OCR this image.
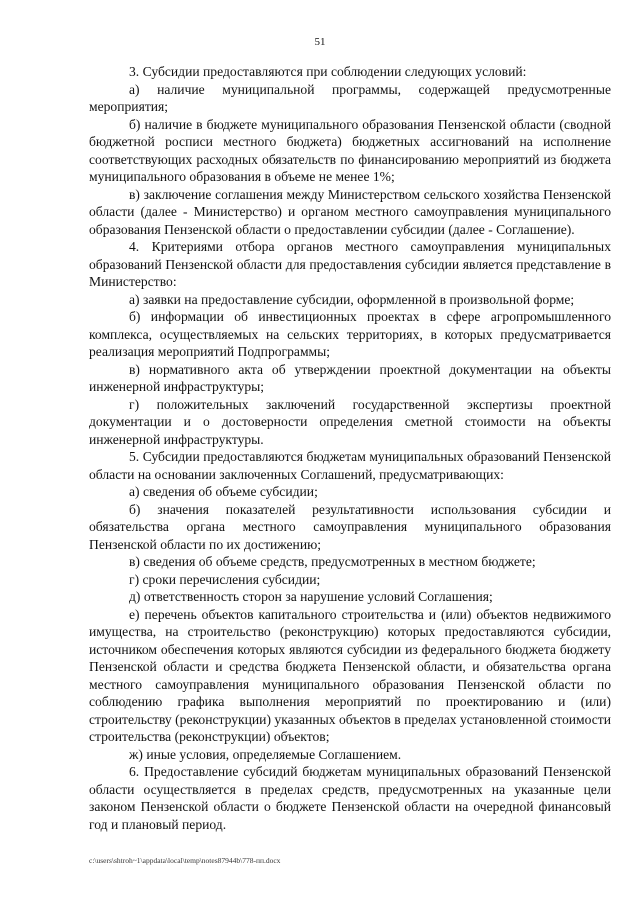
51

3. Субсидии предоставляются при соблюдении следующих условий:

а) наличие муниципальной программы, содержащей предусмотренные мероприятия;

б) наличие в бюджете муниципального образования Пензенской области (сводной бюджетной росписи местного бюджета) бюджетных ассигнований на исполнение соответствующих расходных обязательств по финансированию мероприятий из бюджета муниципального образования в объеме не менее 1%;

в) заключение соглашения между Министерством сельского хозяйства Пензенской области (далее - Министерство) и органом местного самоуправления муниципального образования Пензенской области о предоставлении субсидии (далее - Соглашение).

4. Критериями отбора органов местного самоуправления муниципальных образований Пензенской области для предоставления субсидии является представление в Министерство:

а) заявки на предоставление субсидии, оформленной в произвольной форме;

б) информации об инвестиционных проектах в сфере агропромышленного комплекса, осуществляемых на сельских территориях, в которых предусматривается реализация мероприятий Подпрограммы;

в) нормативного акта об утверждении проектной документации на объекты инженерной инфраструктуры;

г) положительных заключений государственной экспертизы проектной документации и о достоверности определения сметной стоимости на объекты инженерной инфраструктуры.

5. Субсидии предоставляются бюджетам муниципальных образований Пензенской области на основании заключенных Соглашений, предусматривающих:

а) сведения об объеме субсидии;

б) значения показателей результативности использования субсидии и обязательства органа местного самоуправления муниципального образования Пензенской области по их достижению;

в) сведения об объеме средств, предусмотренных в местном бюджете;

г) сроки перечисления субсидии;

д) ответственность сторон за нарушение условий Соглашения;

е) перечень объектов капитального строительства и (или) объектов недвижимого имущества, на строительство (реконструкцию) которых предоставляются субсидии, источником обеспечения которых являются субсидии из федерального бюджета бюджету Пензенской области и средства бюджета Пензенской области, и обязательства органа местного самоуправления муниципального образования Пензенской области по соблюдению графика выполнения мероприятий по проектированию и (или) строительству (реконструкции) указанных объектов в пределах установленной стоимости строительства (реконструкции) объектов;

ж) иные условия, определяемые Соглашением.

6. Предоставление субсидий бюджетам муниципальных образований Пензенской области осуществляется в пределах средств, предусмотренных на указанные цели законом Пензенской области о бюджете Пензенской области на очередной финансовый год и плановый период.

c:\users\shtroh~1\appdata\local\temp\notes87944b\778-пп.docx
